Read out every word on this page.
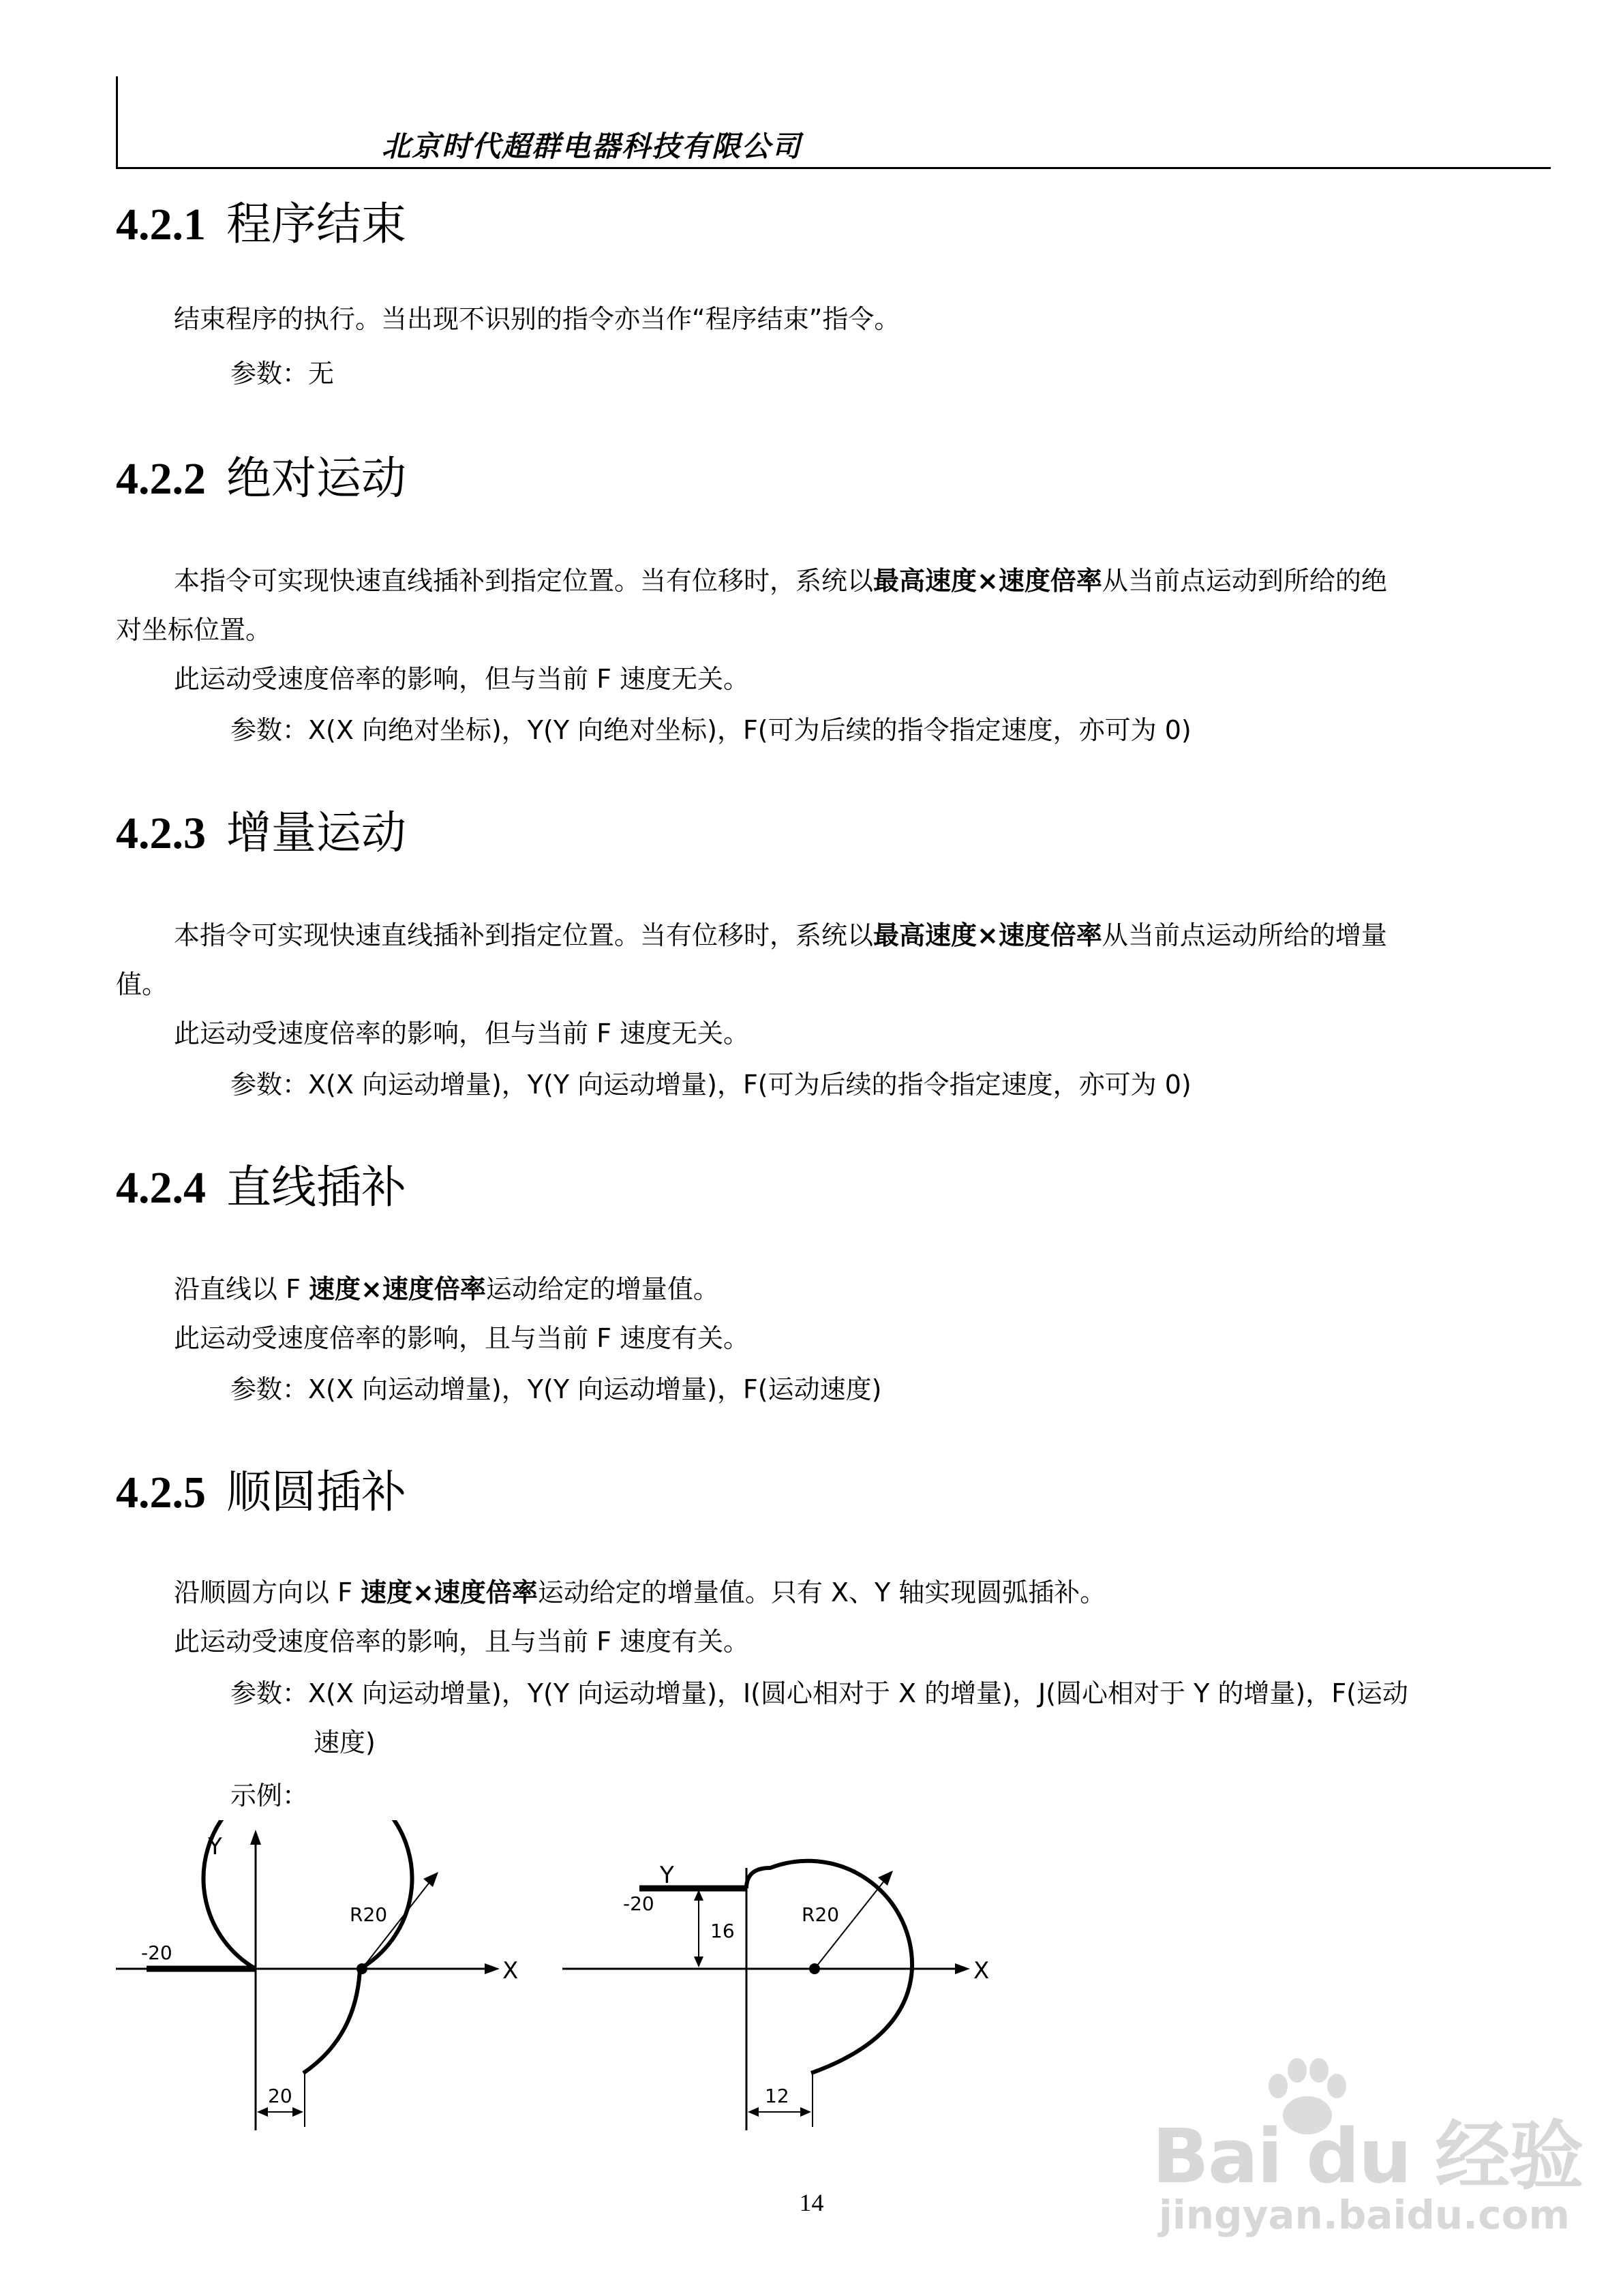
北京时代超群电器科技有限公司
4.2.1 程序结束
结束程序的执行。当出现不识别的指令亦当作“程序结束”指令。
参数：无
4.2.2 绝对运动
本指令可实现快速直线插补到指定位置。当有位移时，系统以最高速度×速度倍率从当前点运动到所给的绝
对坐标位置。
此运动受速度倍率的影响，但与当前 F 速度无关。
参数：X(X 向绝对坐标)，Y(Y 向绝对坐标)，F(可为后续的指令指定速度，亦可为 0)
4.2.3 增量运动
本指令可实现快速直线插补到指定位置。当有位移时，系统以最高速度×速度倍率从当前点运动所给的增量
值。
此运动受速度倍率的影响，但与当前 F 速度无关。
参数：X(X 向运动增量)，Y(Y 向运动增量)，F(可为后续的指令指定速度，亦可为 0)
4.2.4 直线插补
沿直线以 F 速度×速度倍率运动给定的增量值。
此运动受速度倍率的影响，且与当前 F 速度有关。
参数：X(X 向运动增量)，Y(Y 向运动增量)，F(运动速度)
4.2.5 顺圆插补
沿顺圆方向以 F 速度×速度倍率运动给定的增量值。只有 X、Y 轴实现圆弧插补。
此运动受速度倍率的影响，且与当前 F 速度有关。
参数：X(X 向运动增量)，Y(Y 向运动增量)，I(圆心相对于 X 的增量)，J(圆心相对于 Y 的增量)，F(运动
速度)
示例：
Y
X
R20
-20
20
Y
X
R20
-20
16
12
14
Bai du 经验
jingyan.baidu.com
